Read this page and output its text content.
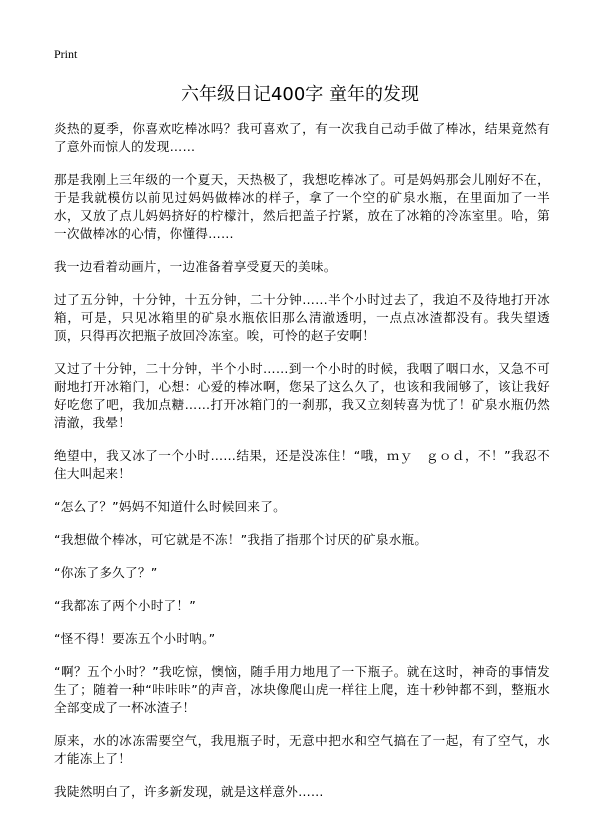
Print
六年级日记400字 童年的发现

炎热的夏季，你喜欢吃棒冰吗？我可喜欢了，有一次我自己动手做了棒冰，结果竟然有了意外而惊人的发现……

那是我刚上三年级的一个夏天，天热极了，我想吃棒冰了。可是妈妈那会儿刚好不在，于是我就模仿以前见过妈妈做棒冰的样子，拿了一个空的矿泉水瓶，在里面加了一半水，又放了点儿妈妈挤好的柠檬汁，然后把盖子拧紧，放在了冰箱的冷冻室里。哈，第一次做棒冰的心情，你懂得……

我一边看着动画片，一边准备着享受夏天的美味。

过了五分钟，十分钟，十五分钟，二十分钟……半个小时过去了，我迫不及待地打开冰箱，可是，只见冰箱里的矿泉水瓶依旧那么清澈透明，一点点冰渣都没有。我失望透顶，只得再次把瓶子放回冷冻室。唉，可怜的赵子安啊！

又过了十分钟，二十分钟，半个小时……到一个小时的时候，我咽了咽口水，又急不可耐地打开冰箱门，心想：心爱的棒冰啊，您呆了这么久了，也该和我闹够了，该让我好好吃您了吧，我加点糖……打开冰箱门的一刹那，我又立刻转喜为忧了！矿泉水瓶仍然清澈，我晕！

绝望中，我又冰了一个小时……结果，还是没冻住！“哦，ｍｙ　ｇｏｄ，不！”我忍不住大叫起来！

“怎么了？”妈妈不知道什么时候回来了。

“我想做个棒冰，可它就是不冻！”我指了指那个讨厌的矿泉水瓶。

“你冻了多久了？”

“我都冻了两个小时了！”

“怪不得！要冻五个小时呐。”

“啊？五个小时？”我吃惊，懊恼，随手用力地甩了一下瓶子。就在这时，神奇的事情发生了；随着一种“咔咔咔”的声音，冰块像爬山虎一样往上爬，连十秒钟都不到，整瓶水全部变成了一杯冰渣子！

原来，水的冰冻需要空气，我甩瓶子时，无意中把水和空气搞在了一起，有了空气，水才能冻上了！

我陡然明白了，许多新发现，就是这样意外……
